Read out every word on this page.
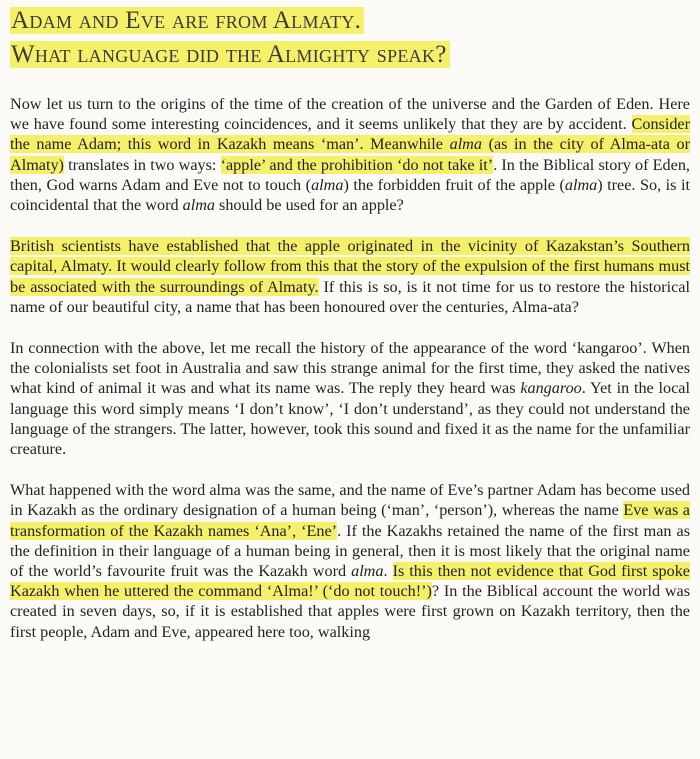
Adam and Eve are from Almaty.
What language did the Almighty speak?

Now let us turn to the origins of the time of the creation of the universe and the Garden of Eden. Here we have found some interesting coincidences, and it seems unlikely that they are by accident. Consider the name Adam; this word in Kazakh means ‘man’. Meanwhile alma (as in the city of Alma-ata or Almaty) translates in two ways: ‘apple’ and the prohibition ‘do not take it’. In the Biblical story of Eden, then, God warns Adam and Eve not to touch (alma) the forbidden fruit of the apple (alma) tree. So, is it coincidental that the word alma should be used for an apple?

British scientists have established that the apple originated in the vicinity of Kazakstan’s Southern capital, Almaty. It would clearly follow from this that the story of the expulsion of the first humans must be associated with the surroundings of Almaty. If this is so, is it not time for us to restore the historical name of our beautiful city, a name that has been honoured over the centuries, Alma-ata?

In connection with the above, let me recall the history of the appearance of the word ‘kangaroo’. When the colonialists set foot in Australia and saw this strange animal for the first time, they asked the natives what kind of animal it was and what its name was. The reply they heard was kangaroo. Yet in the local language this word simply means ‘I don’t know’, ‘I don’t understand’, as they could not understand the language of the strangers. The latter, however, took this sound and fixed it as the name for the unfamiliar creature.

What happened with the word alma was the same, and the name of Eve’s partner Adam has become used in Kazakh as the ordinary designation of a human being (‘man’, ‘person’), whereas the name Eve was a transformation of the Kazakh names ‘Ana’, ‘Ene’. If the Kazakhs retained the name of the first man as the definition in their language of a human being in general, then it is most likely that the original name of the world’s favourite fruit was the Kazakh word alma. Is this then not evidence that God first spoke Kazakh when he uttered the command ‘Alma!’ (‘do not touch!’)? In the Biblical account the world was created in seven days, so, if it is established that apples were first grown on Kazakh territory, then the first people, Adam and Eve, appeared here too, walking
